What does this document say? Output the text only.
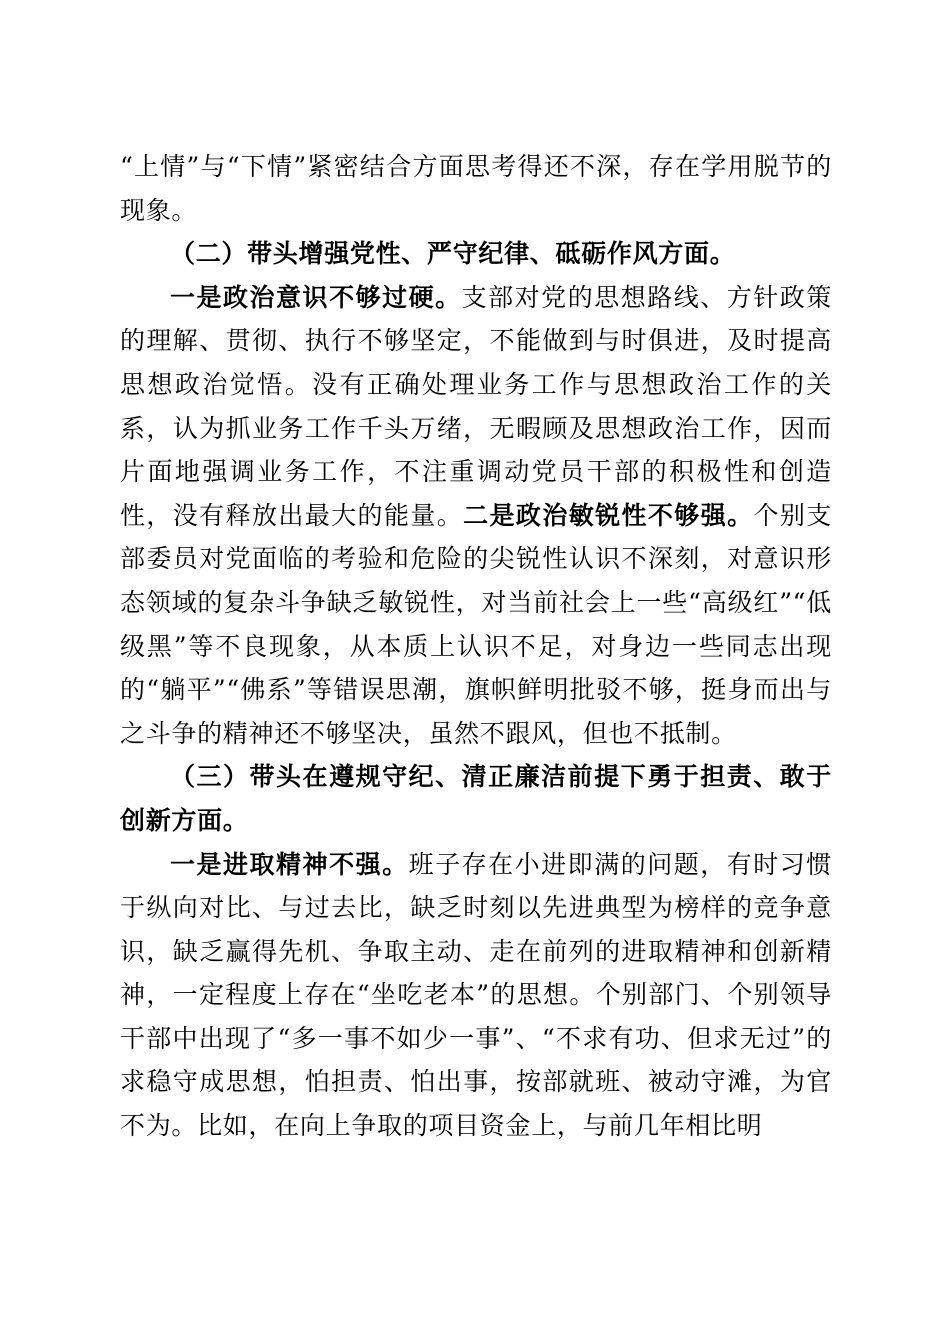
“上情”与“下情”紧密结合方面思考得还不深，存在学用脱节的现象。

（二）带头增强党性、严守纪律、砥砺作风方面。

一是政治意识不够过硬。支部对党的思想路线、方针政策的理解、贯彻、执行不够坚定，不能做到与时俱进，及时提高思想政治觉悟。没有正确处理业务工作与思想政治工作的关系，认为抓业务工作千头万绪，无暇顾及思想政治工作，因而片面地强调业务工作，不注重调动党员干部的积极性和创造性，没有释放出最大的能量。二是政治敏锐性不够强。个别支部委员对党面临的考验和危险的尖锐性认识不深刻，对意识形态领域的复杂斗争缺乏敏锐性，对当前社会上一些“高级红”“低级黑”等不良现象，从本质上认识不足，对身边一些同志出现的“躺平”“佛系”等错误思潮，旗帜鲜明批驳不够，挺身而出与之斗争的精神还不够坚决，虽然不跟风，但也不抵制。

（三）带头在遵规守纪、清正廉洁前提下勇于担责、敢于创新方面。

一是进取精神不强。班子存在小进即满的问题，有时习惯于纵向对比、与过去比，缺乏时刻以先进典型为榜样的竞争意识，缺乏赢得先机、争取主动、走在前列的进取精神和创新精神，一定程度上存在“坐吃老本”的思想。个别部门、个别领导干部中出现了“多一事不如少一事”、“不求有功、但求无过”的求稳守成思想，怕担责、怕出事，按部就班、被动守滩，为官不为。比如，在向上争取的项目资金上，与前几年相比明
